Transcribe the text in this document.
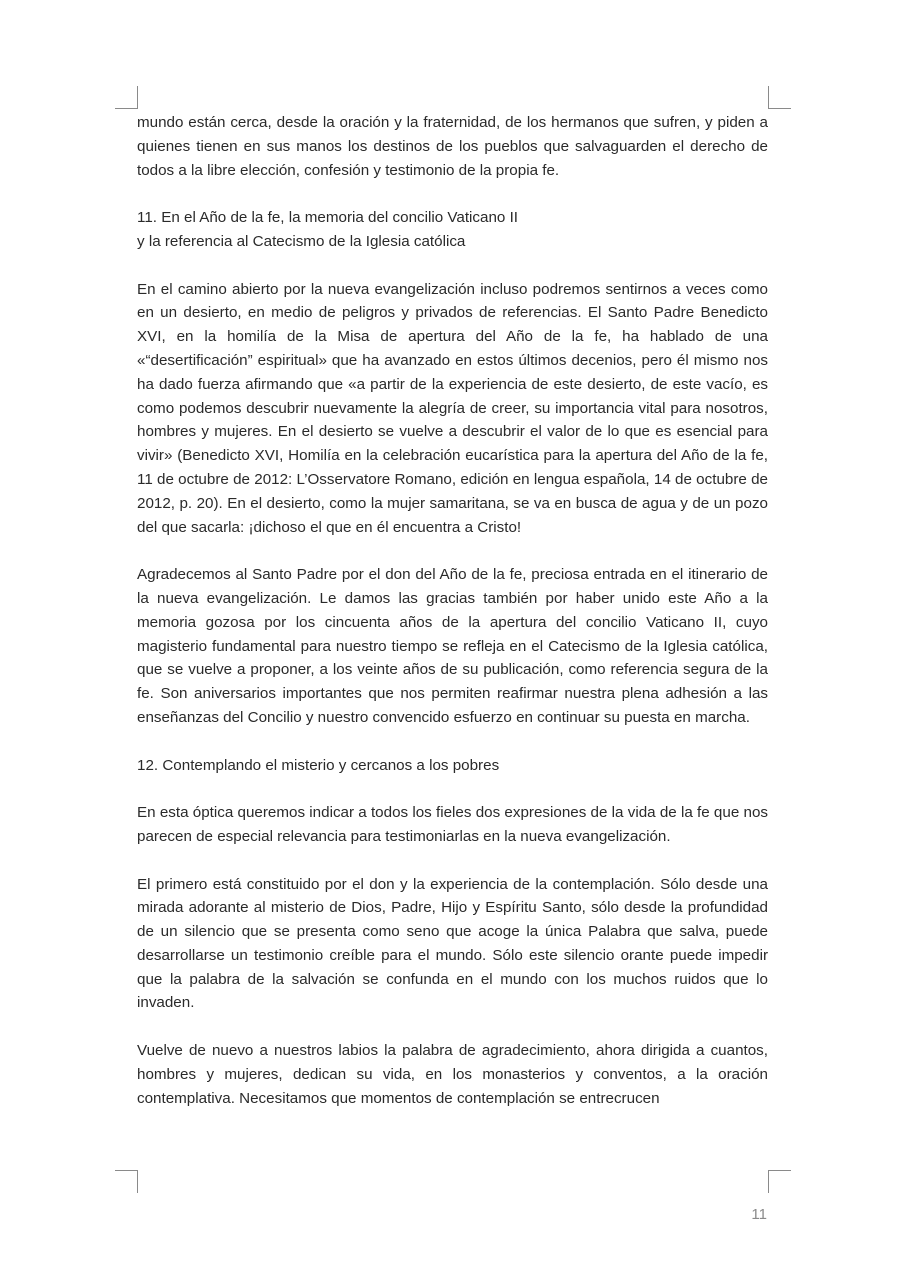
mundo están cerca, desde la oración y la fraternidad, de los hermanos que sufren, y piden a quienes tienen en sus manos los destinos de los pueblos que salvaguarden el derecho de todos a la libre elección, confesión y testimonio de la propia fe.

11. En el Año de la fe, la memoria del concilio Vaticano II
y la referencia al Catecismo de la Iglesia católica

En el camino abierto por la nueva evangelización incluso podremos sentirnos a veces como en un desierto, en medio de peligros y privados de referencias. El Santo Padre Benedicto XVI, en la homilía de la Misa de apertura del Año de la fe, ha hablado de una «“desertificación” espiritual» que ha avanzado en estos últimos decenios, pero él mismo nos ha dado fuerza afirmando que «a partir de la experiencia de este desierto, de este vacío, es como podemos descubrir nuevamente la alegría de creer, su importancia vital para nosotros, hombres y mujeres. En el desierto se vuelve a descubrir el valor de lo que es esencial para vivir» (Benedicto XVI, Homilía en la celebración eucarística para la apertura del Año de la fe, 11 de octubre de 2012: L’Osservatore Romano, edición en lengua española, 14 de octubre de 2012, p. 20). En el desierto, como la mujer samaritana, se va en busca de agua y de un pozo del que sacarla: ¡dichoso el que en él encuentra a Cristo!

Agradecemos al Santo Padre por el don del Año de la fe, preciosa entrada en el itinerario de la nueva evangelización. Le damos las gracias también por haber unido este Año a la memoria gozosa por los cincuenta años de la apertura del concilio Vaticano II, cuyo magisterio fundamental para nuestro tiempo se refleja en el Catecismo de la Iglesia católica, que se vuelve a proponer, a los veinte años de su publicación, como referencia segura de la fe. Son aniversarios importantes que nos permiten reafirmar nuestra plena adhesión a las enseñanzas del Concilio y nuestro convencido esfuerzo en continuar su puesta en marcha.

12. Contemplando el misterio y cercanos a los pobres

En esta óptica queremos indicar a todos los fieles dos expresiones de la vida de la fe que nos parecen de especial relevancia para testimoniarlas en la nueva evangelización.

El primero está constituido por el don y la experiencia de la contemplación. Sólo desde una mirada adorante al misterio de Dios, Padre, Hijo y Espíritu Santo, sólo desde la profundidad de un silencio que se presenta como seno que acoge la única Palabra que salva, puede desarrollarse un testimonio creíble para el mundo. Sólo este silencio orante puede impedir que la palabra de la salvación se confunda en el mundo con los muchos ruidos que lo invaden.

Vuelve de nuevo a nuestros labios la palabra de agradecimiento, ahora dirigida a cuantos, hombres y mujeres, dedican su vida, en los monasterios y conventos, a la oración contemplativa. Necesitamos que momentos de contemplación se entrecrucen

11
